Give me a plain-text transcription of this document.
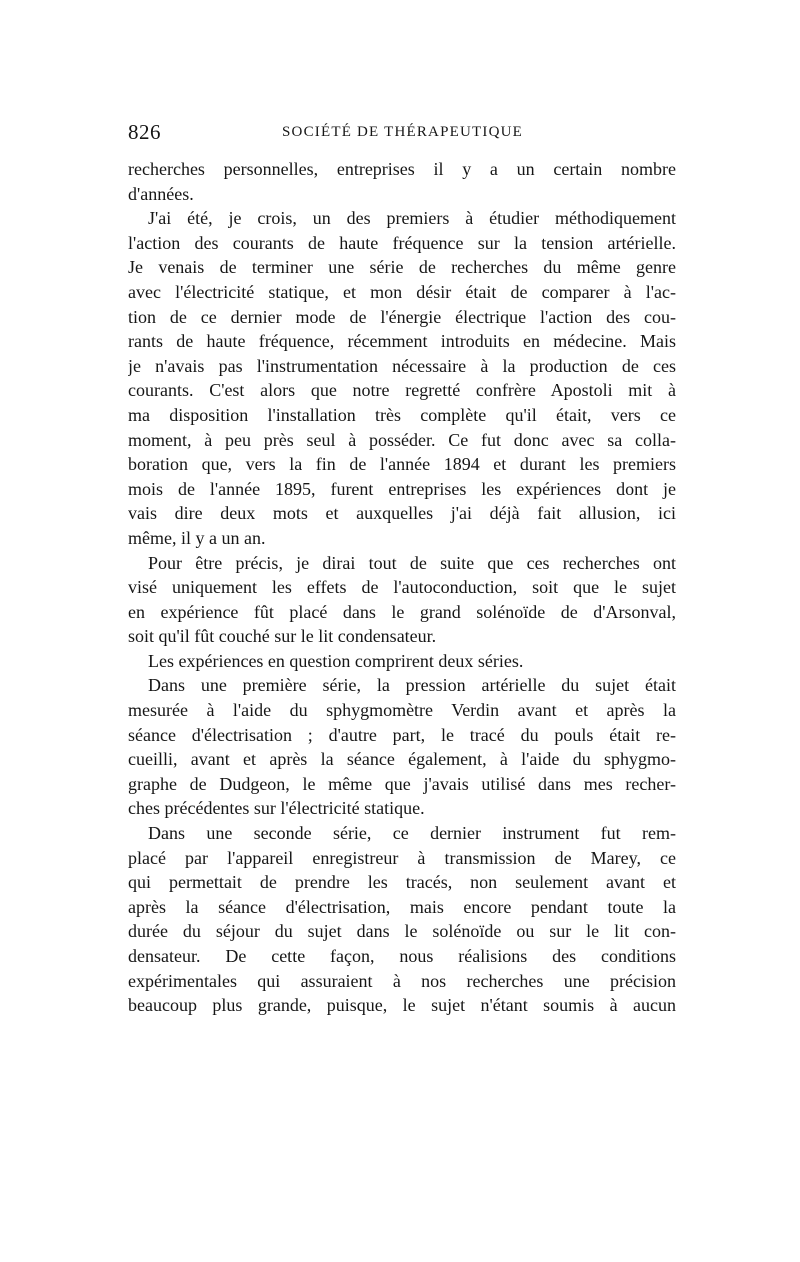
826	SOCIÉTÉ DE THÉRAPEUTIQUE
recherches personnelles, entreprises il y a un certain nombre
d'années.
J'ai été, je crois, un des premiers à étudier méthodiquement
l'action des courants de haute fréquence sur la tension artérielle.
Je venais de terminer une série de recherches du même genre
avec l'électricité statique, et mon désir était de comparer à l'ac-
tion de ce dernier mode de l'énergie électrique l'action des cou-
rants de haute fréquence, récemment introduits en médecine. Mais
je n'avais pas l'instrumentation nécessaire à la production de ces
courants. C'est alors que notre regretté confrère Apostoli mit à
ma disposition l'installation très complète qu'il était, vers ce
moment, à peu près seul à posséder. Ce fut donc avec sa colla-
boration que, vers la fin de l'année 1894 et durant les premiers
mois de l'année 1895, furent entreprises les expériences dont je
vais dire deux mots et auxquelles j'ai déjà fait allusion, ici
même, il y a un an.
Pour être précis, je dirai tout de suite que ces recherches ont
visé uniquement les effets de l'autoconduction, soit que le sujet
en expérience fût placé dans le grand solénoïde de d'Arsonval,
soit qu'il fût couché sur le lit condensateur.
Les expériences en question comprirent deux séries.
Dans une première série, la pression artérielle du sujet était
mesurée à l'aide du sphygmomètre Verdin avant et après la
séance d'électrisation ; d'autre part, le tracé du pouls était re-
cueilli, avant et après la séance également, à l'aide du sphygmo-
graphe de Dudgeon, le même que j'avais utilisé dans mes recher-
ches précédentes sur l'électricité statique.
Dans une seconde série, ce dernier instrument fut rem-
placé par l'appareil enregistreur à transmission de Marey, ce
qui permettait de prendre les tracés, non seulement avant et
après la séance d'électrisation, mais encore pendant toute la
durée du séjour du sujet dans le solénoïde ou sur le lit con-
densateur. De cette façon, nous réalisions des conditions
expérimentales qui assuraient à nos recherches une précision
beaucoup plus grande, puisque, le sujet n'étant soumis à aucun
